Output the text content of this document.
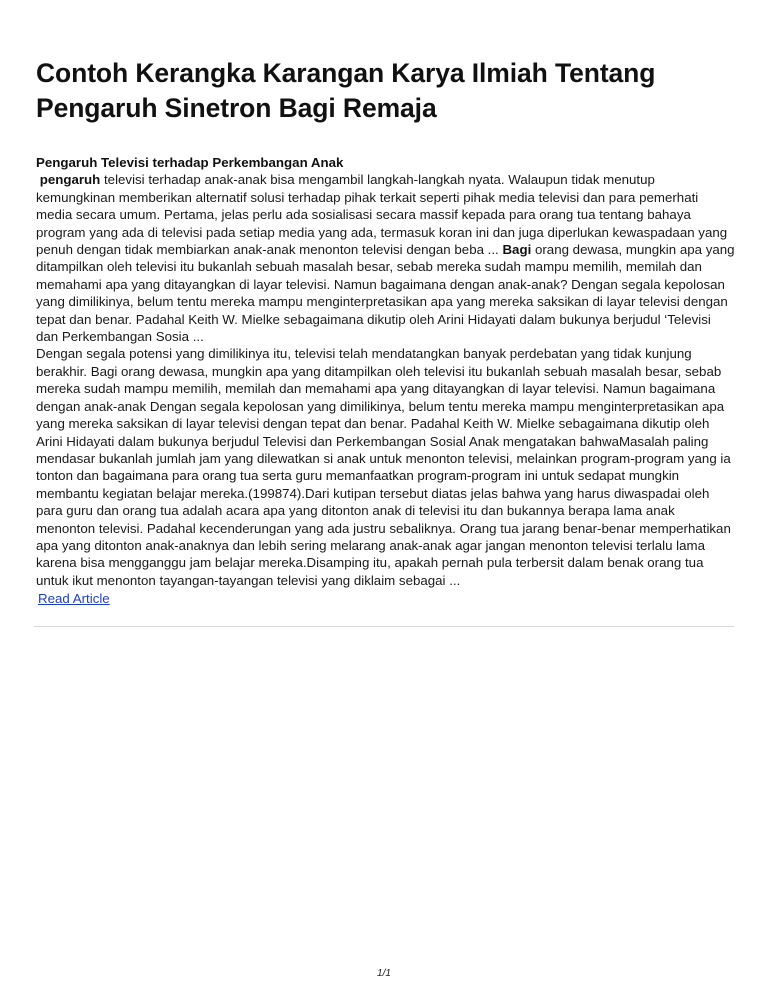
Contoh Kerangka Karangan Karya Ilmiah Tentang
Pengaruh Sinetron Bagi Remaja
Pengaruh Televisi terhadap Perkembangan Anak

pengaruh televisi terhadap anak-anak bisa mengambil langkah-langkah nyata. Walaupun tidak menutup kemungkinan memberikan alternatif solusi terhadap pihak terkait seperti pihak media televisi dan para pemerhati media secara umum. Pertama, jelas perlu ada sosialisasi secara massif kepada para orang tua tentang bahaya program yang ada di televisi pada setiap media yang ada, termasuk koran ini dan juga diperlukan kewaspadaan yang penuh dengan tidak membiarkan anak-anak menonton televisi dengan beba ... Bagi orang dewasa, mungkin apa yang ditampilkan oleh televisi itu bukanlah sebuah masalah besar, sebab mereka sudah mampu memilih, memilah dan memahami apa yang ditayangkan di layar televisi. Namun bagaimana dengan anak-anak? Dengan segala kepolosan yang dimilikinya, belum tentu mereka mampu menginterpretasikan apa yang mereka saksikan di layar televisi dengan tepat dan benar. Padahal Keith W. Mielke sebagaimana dikutip oleh Arini Hidayati dalam bukunya berjudul ‘Televisi dan Perkembangan Sosia ...

Dengan segala potensi yang dimilikinya itu, televisi telah mendatangkan banyak perdebatan yang tidak kunjung berakhir. Bagi orang dewasa, mungkin apa yang ditampilkan oleh televisi itu bukanlah sebuah masalah besar, sebab mereka sudah mampu memilih, memilah dan memahami apa yang ditayangkan di layar televisi. Namun bagaimana dengan anak-anak Dengan segala kepolosan yang dimilikinya, belum tentu mereka mampu menginterpretasikan apa yang mereka saksikan di layar televisi dengan tepat dan benar. Padahal Keith W. Mielke sebagaimana dikutip oleh Arini Hidayati dalam bukunya berjudul Televisi dan Perkembangan Sosial Anak mengatakan bahwaMasalah paling mendasar bukanlah jumlah jam yang dilewatkan si anak untuk menonton televisi, melainkan program-program yang ia tonton dan bagaimana para orang tua serta guru memanfaatkan program-program ini untuk sedapat mungkin membantu kegiatan belajar mereka.(199874).Dari kutipan tersebut diatas jelas bahwa yang harus diwaspadai oleh para guru dan orang tua adalah acara apa yang ditonton anak di televisi itu dan bukannya berapa lama anak menonton televisi. Padahal kecenderungan yang ada justru sebaliknya. Orang tua jarang benar-benar memperhatikan apa yang ditonton anak-anaknya dan lebih sering melarang anak-anak agar jangan menonton televisi terlalu lama karena bisa mengganggu jam belajar mereka.Disamping itu, apakah pernah pula terbersit dalam benak orang tua untuk ikut menonton tayangan-tayangan televisi yang diklaim sebagai ...

Read Article
1/1
